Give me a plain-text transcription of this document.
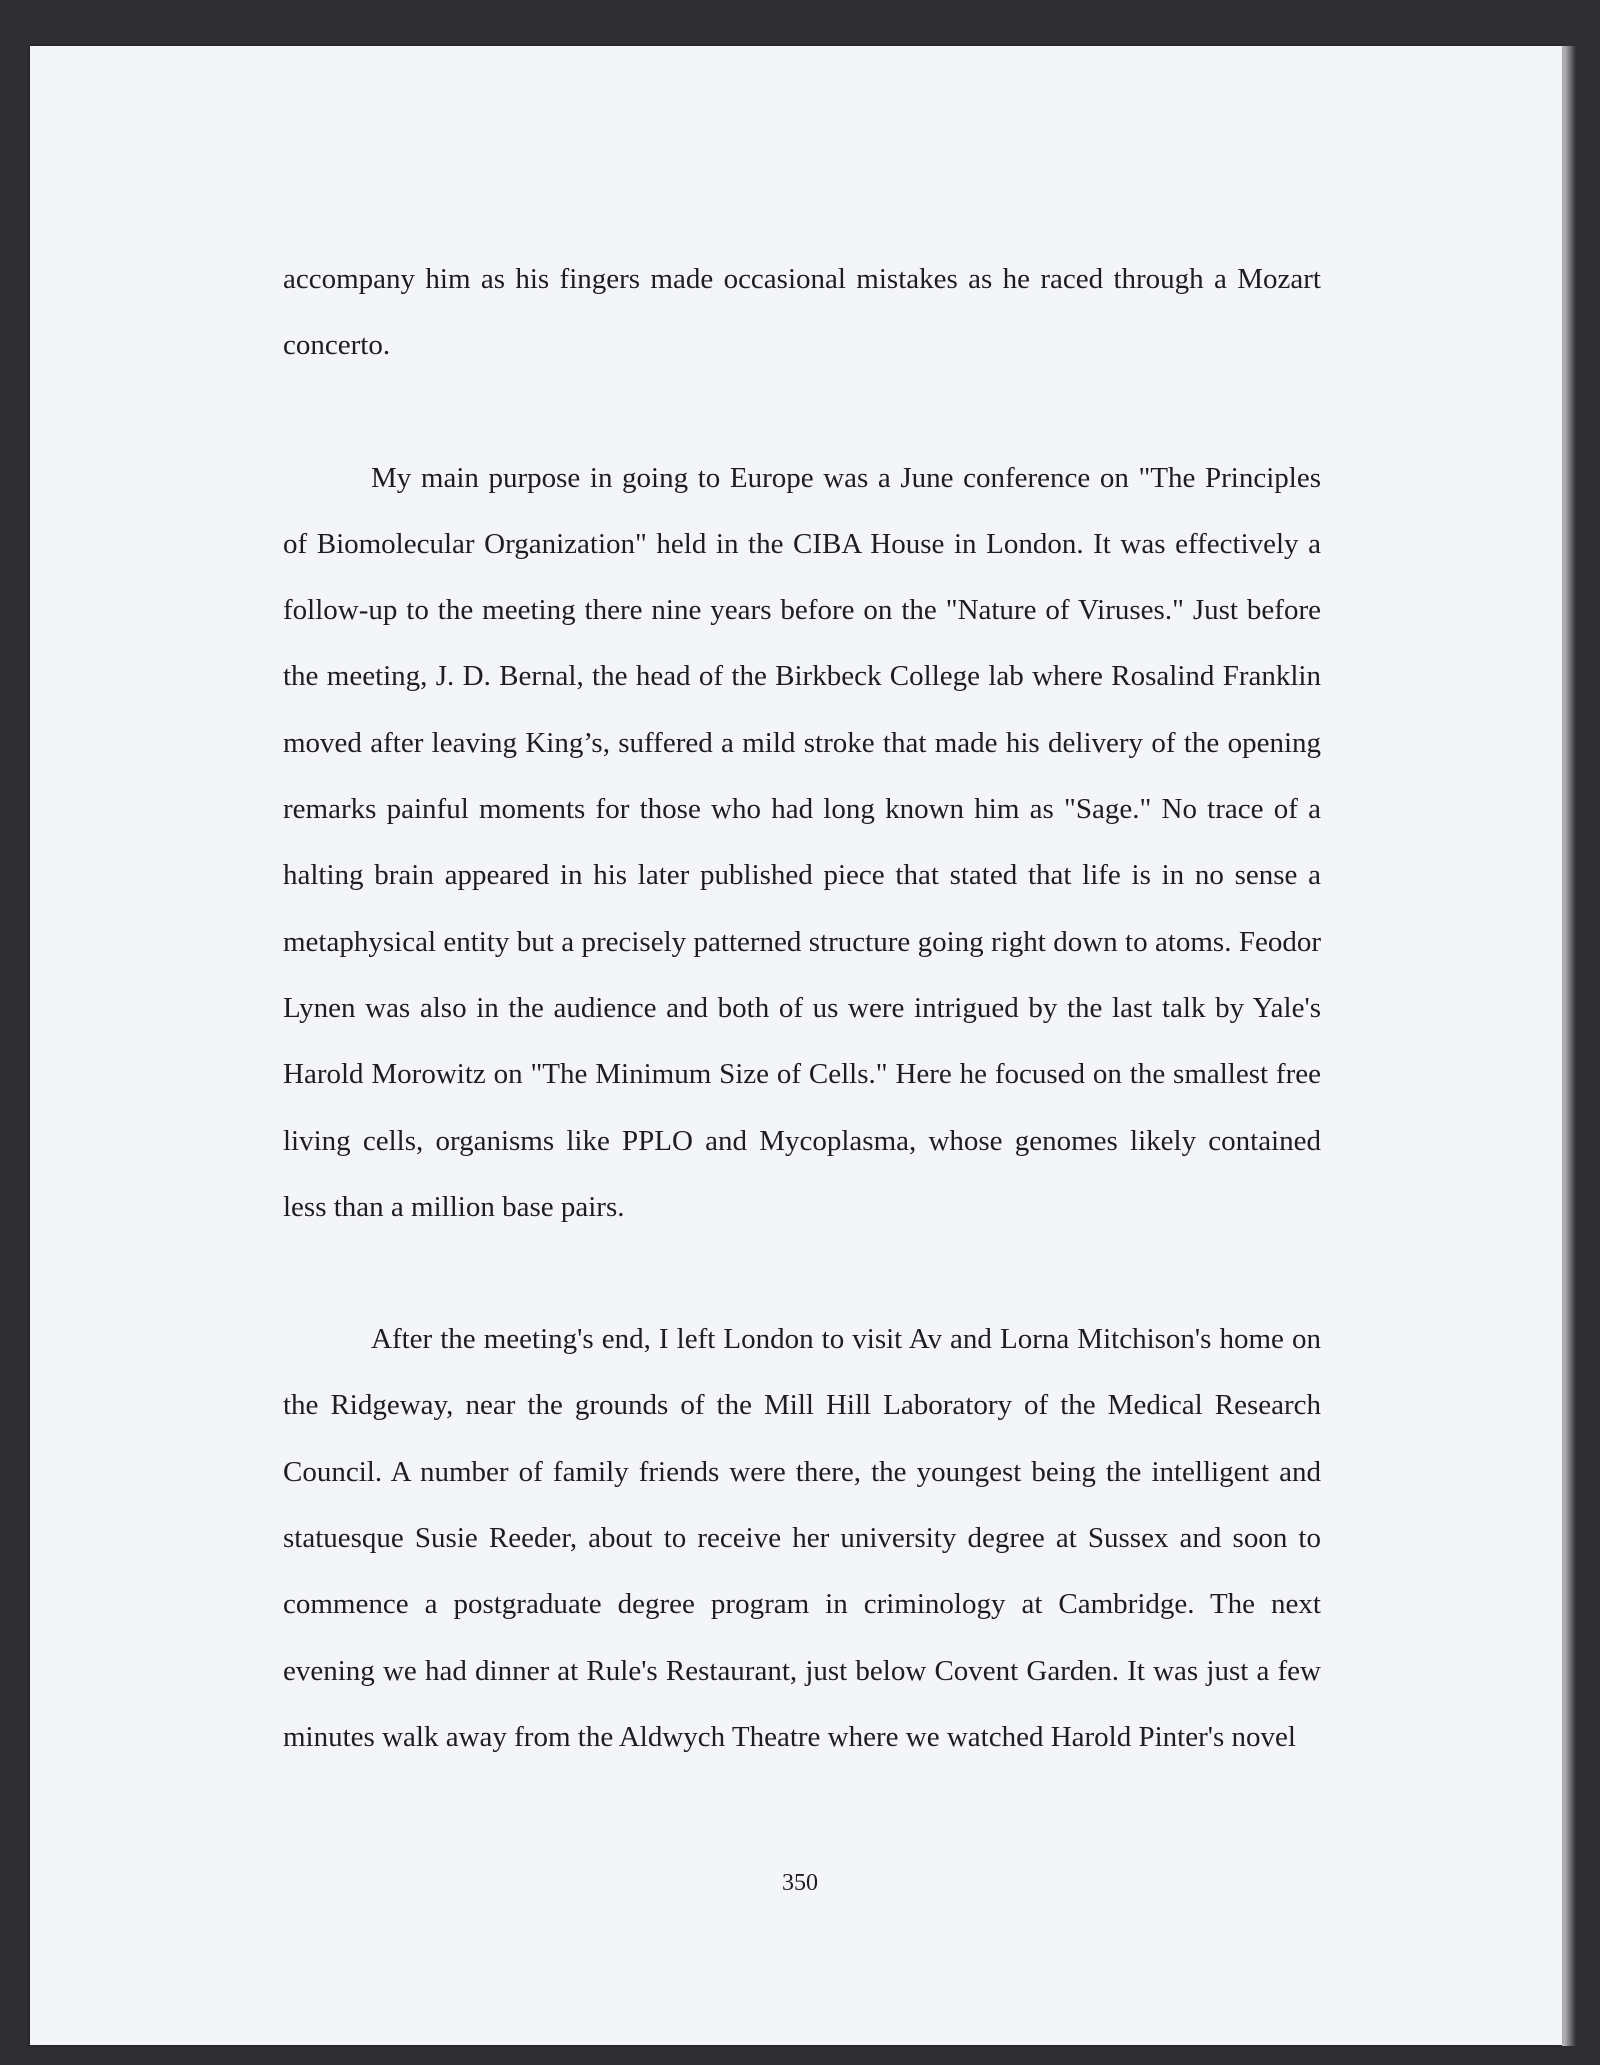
accompany him as his fingers made occasional mistakes as he raced through a Mozart concerto.

My main purpose in going to Europe was a June conference on "The Principles of Biomolecular Organization" held in the CIBA House in London. It was effectively a follow-up to the meeting there nine years before on the "Nature of Viruses." Just before the meeting, J. D. Bernal, the head of the Birkbeck College lab where Rosalind Franklin moved after leaving King’s, suffered a mild stroke that made his delivery of the opening remarks painful moments for those who had long known him as "Sage." No trace of a halting brain appeared in his later published piece that stated that life is in no sense a metaphysical entity but a precisely patterned structure going right down to atoms. Feodor Lynen was also in the audience and both of us were intrigued by the last talk by Yale's Harold Morowitz on "The Minimum Size of Cells." Here he focused on the smallest free living cells, organisms like PPLO and Mycoplasma, whose genomes likely contained less than a million base pairs.

After the meeting's end, I left London to visit Av and Lorna Mitchison's home on the Ridgeway, near the grounds of the Mill Hill Laboratory of the Medical Research Council. A number of family friends were there, the youngest being the intelligent and statuesque Susie Reeder, about to receive her university degree at Sussex and soon to commence a postgraduate degree program in criminology at Cambridge. The next evening we had dinner at Rule's Restaurant, just below Covent Garden. It was just a few minutes walk away from the Aldwych Theatre where we watched Harold Pinter's novel

350
